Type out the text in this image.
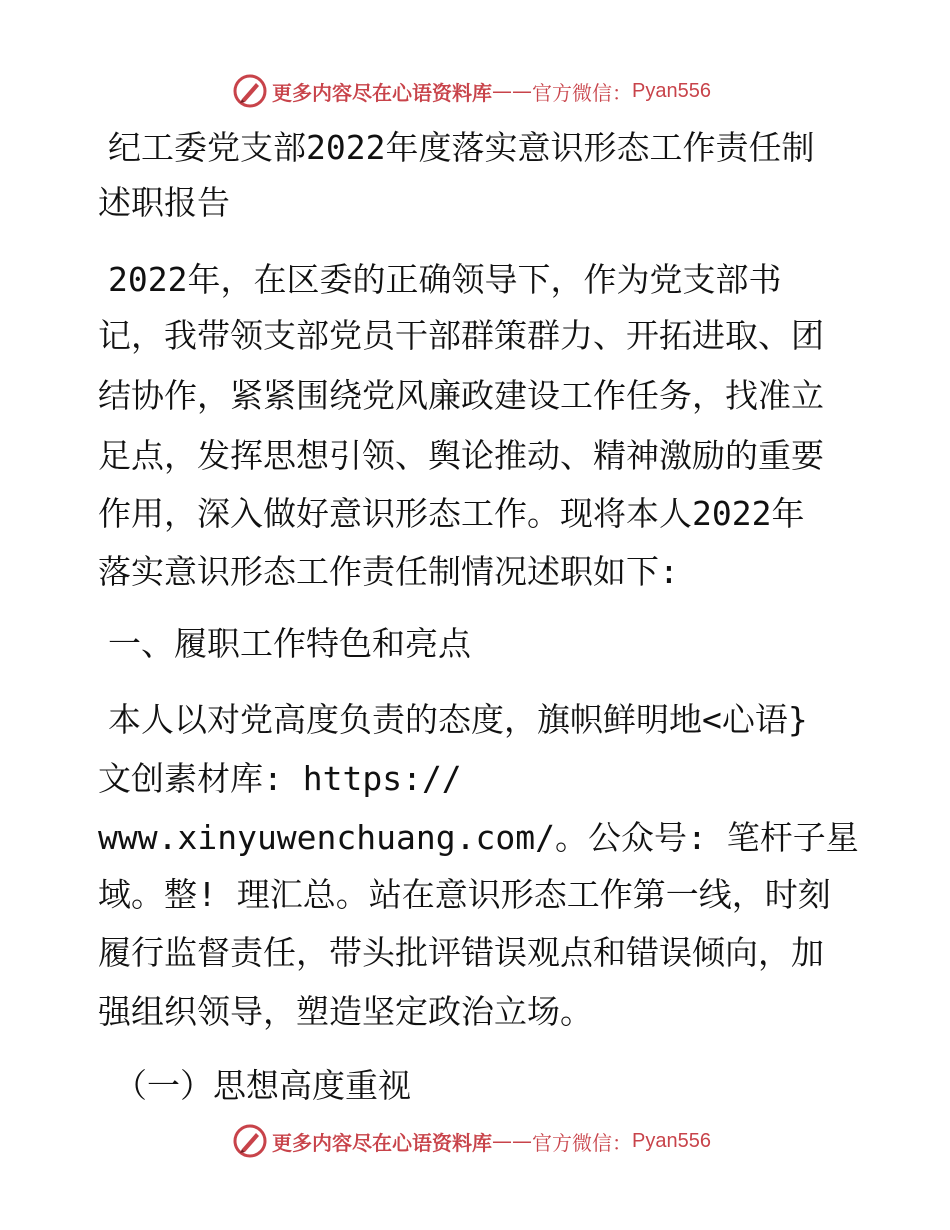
更多内容尽在心语资料库 —— 官方微信： Pyan556
纪工委党支部2022年度落实意识形态工作责任制
述职报告
2022年，在区委的正确领导下，作为党支部书
记，我带领支部党员干部群策群力、开拓进取、团
结协作，紧紧围绕党风廉政建设工作任务，找准立
足点，发挥思想引领、舆论推动、精神激励的重要
作用，深入做好意识形态工作。现将本人2022年
落实意识形态工作责任制情况述职如下:
一、履职工作特色和亮点
本人以对党高度负责的态度，旗帜鲜明地<心语}
文创素材库: https://
www.xinyuwenchuang.com/。公众号: 笔杆子星
域。整! 理汇总。站在意识形态工作第一线，时刻
履行监督责任，带头批评错误观点和错误倾向，加
强组织领导，塑造坚定政治立场。
（一）思想高度重视
更多内容尽在心语资料库 —— 官方微信： Pyan556
